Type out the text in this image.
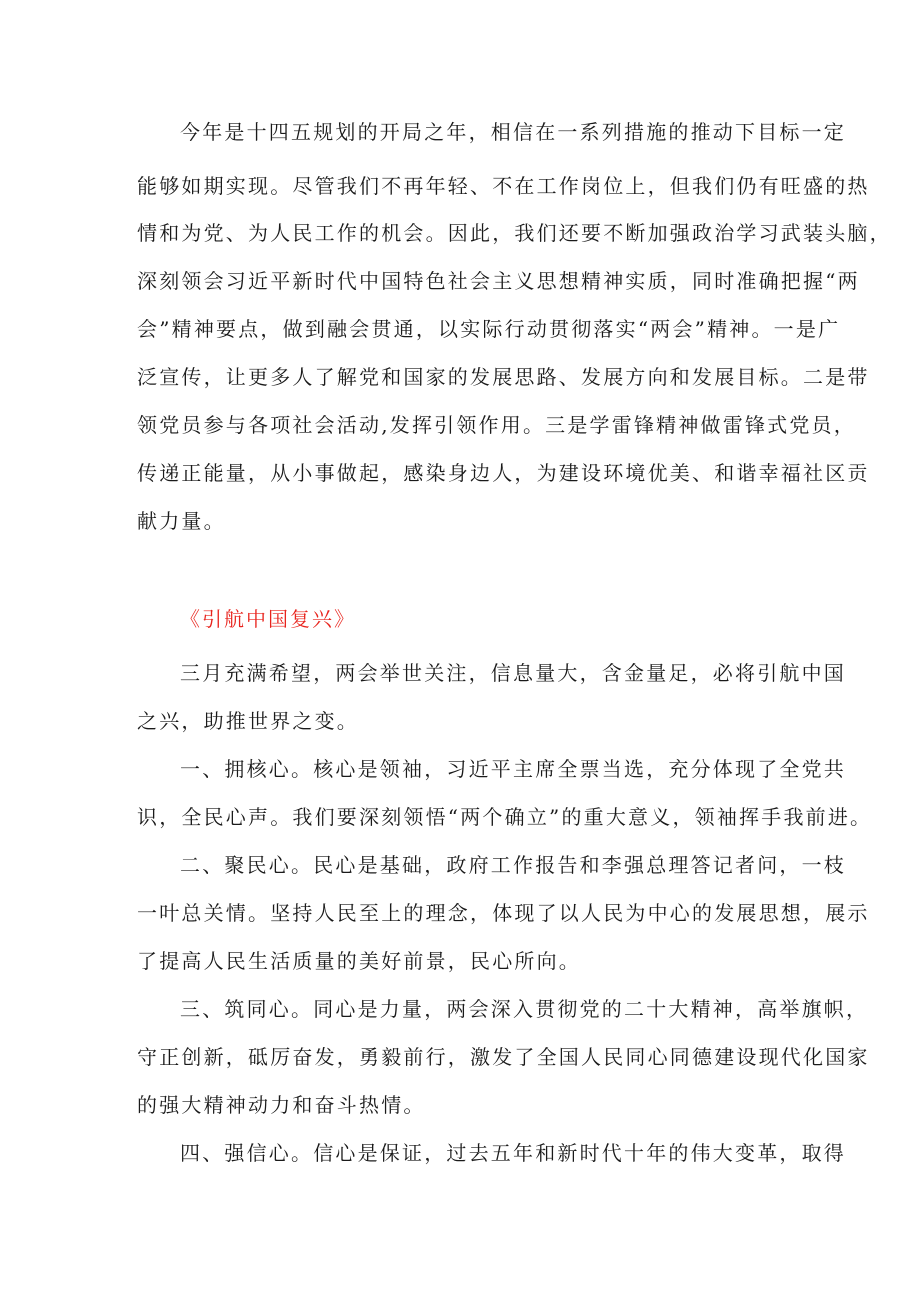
今年是十四五规划的开局之年，相信在一系列措施的推动下目标一定
能够如期实现。尽管我们不再年轻、不在工作岗位上，但我们仍有旺盛的热
情和为党、为人民工作的机会。因此，我们还要不断加强政治学习武装头脑，
深刻领会习近平新时代中国特色社会主义思想精神实质，同时准确把握“两
会”精神要点，做到融会贯通，以实际行动贯彻落实“两会”精神。一是广
泛宣传，让更多人了解党和国家的发展思路、发展方向和发展目标。二是带
领党员参与各项社会活动,发挥引领作用。三是学雷锋精神做雷锋式党员，
传递正能量，从小事做起，感染身边人，为建设环境优美、和谐幸福社区贡
献力量。
《引航中国复兴》
三月充满希望，两会举世关注，信息量大，含金量足，必将引航中国
之兴，助推世界之变。
一、拥核心。核心是领袖，习近平主席全票当选，充分体现了全党共
识，全民心声。我们要深刻领悟“两个确立”的重大意义，领袖挥手我前进。
二、聚民心。民心是基础，政府工作报告和李强总理答记者问，一枝
一叶总关情。坚持人民至上的理念，体现了以人民为中心的发展思想，展示
了提高人民生活质量的美好前景，民心所向。
三、筑同心。同心是力量，两会深入贯彻党的二十大精神，高举旗帜，
守正创新，砥厉奋发，勇毅前行，激发了全国人民同心同德建设现代化国家
的强大精神动力和奋斗热情。
四、强信心。信心是保证，过去五年和新时代十年的伟大变革，取得
